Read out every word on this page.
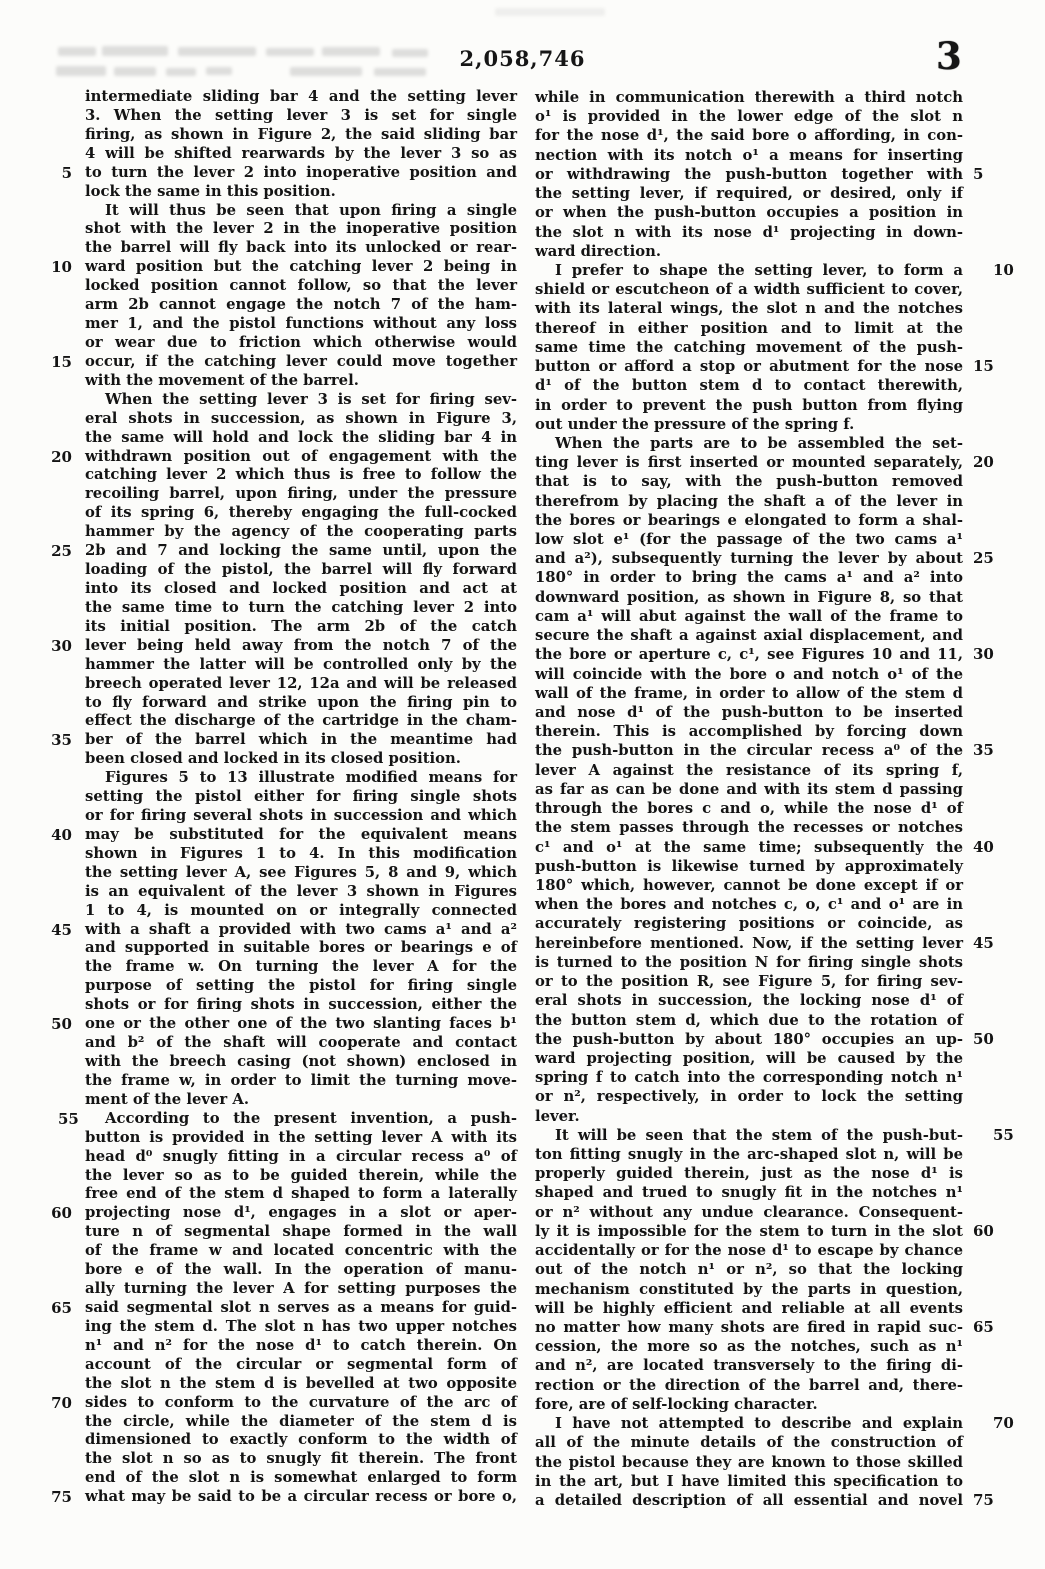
2,058,746	3
intermediate sliding bar 4 and the setting lever
3. When the setting lever 3 is set for single
firing, as shown in Figure 2, the said sliding bar
4 will be shifted rearwards by the lever 3 so as
to turn the lever 2 into inoperative position and
5
lock the same in this position.
It will thus be seen that upon firing a single
shot with the lever 2 in the inoperative position
the barrel will fly back into its unlocked or rear-
ward position but the catching lever 2 being in
10
locked position cannot follow, so that the lever
arm 2b cannot engage the notch 7 of the ham-
mer 1, and the pistol functions without any loss
or wear due to friction which otherwise would
occur, if the catching lever could move together
15
with the movement of the barrel.
When the setting lever 3 is set for firing sev-
eral shots in succession, as shown in Figure 3,
the same will hold and lock the sliding bar 4 in
withdrawn position out of engagement with the
20
catching lever 2 which thus is free to follow the
recoiling barrel, upon firing, under the pressure
of its spring 6, thereby engaging the full-cocked
hammer by the agency of the cooperating parts
2b and 7 and locking the same until, upon the
25
loading of the pistol, the barrel will fly forward
into its closed and locked position and act at
the same time to turn the catching lever 2 into
its initial position. The arm 2b of the catch
lever being held away from the notch 7 of the
30
hammer the latter will be controlled only by the
breech operated lever 12, 12a and will be released
to fly forward and strike upon the firing pin to
effect the discharge of the cartridge in the cham-
ber of the barrel which in the meantime had
35
been closed and locked in its closed position.
Figures 5 to 13 illustrate modified means for
setting the pistol either for firing single shots
or for firing several shots in succession and which
may be substituted for the equivalent means
40
shown in Figures 1 to 4. In this modification
the setting lever A, see Figures 5, 8 and 9, which
is an equivalent of the lever 3 shown in Figures
1 to 4, is mounted on or integrally connected
with a shaft a provided with two cams a¹ and a²
45
and supported in suitable bores or bearings e of
the frame w. On turning the lever A for the
purpose of setting the pistol for firing single
shots or for firing shots in succession, either the
one or the other one of the two slanting faces b¹
50
and b² of the shaft will cooperate and contact
with the breech casing (not shown) enclosed in
the frame w, in order to limit the turning move-
ment of the lever A.
According to the present invention, a push-
55
button is provided in the setting lever A with its
head d⁰ snugly fitting in a circular recess a⁰ of
the lever so as to be guided therein, while the
free end of the stem d shaped to form a laterally
projecting nose d¹, engages in a slot or aper-
60
ture n of segmental shape formed in the wall
of the frame w and located concentric with the
bore e of the wall. In the operation of manu-
ally turning the lever A for setting purposes the
said segmental slot n serves as a means for guid-
65
ing the stem d. The slot n has two upper notches
n¹ and n² for the nose d¹ to catch therein. On
account of the circular or segmental form of
the slot n the stem d is bevelled at two opposite
sides to conform to the curvature of the arc of
70
the circle, while the diameter of the stem d is
dimensioned to exactly conform to the width of
the slot n so as to snugly fit therein. The front
end of the slot n is somewhat enlarged to form
what may be said to be a circular recess or bore o,
75
while in communication therewith a third notch
o¹ is provided in the lower edge of the slot n
for the nose d¹, the said bore o affording, in con-
nection with its notch o¹ a means for inserting
or withdrawing the push-button together with 5
the setting lever, if required, or desired, only if
or when the push-button occupies a position in
the slot n with its nose d¹ projecting in down-
ward direction.
I prefer to shape the setting lever, to form a	10
shield or escutcheon of a width sufficient to cover,
with its lateral wings, the slot n and the notches
thereof in either position and to limit at the
same time the catching movement of the push-
button or afford a stop or abutment for the nose 15
d¹ of the button stem d to contact therewith,
in order to prevent the push button from flying
out under the pressure of the spring f.
When the parts are to be assembled the set-
ting lever is first inserted or mounted separately, 20
that is to say, with the push-button removed
therefrom by placing the shaft a of the lever in
the bores or bearings e elongated to form a shal-
low slot e¹ (for the passage of the two cams a¹
and a²), subsequently turning the lever by about 25
180° in order to bring the cams a¹ and a² into
downward position, as shown in Figure 8, so that
cam a¹ will abut against the wall of the frame to
secure the shaft a against axial displacement, and
the bore or aperture c, c¹, see Figures 10 and 11, 30
will coincide with the bore o and notch o¹ of the
wall of the frame, in order to allow of the stem d
and nose d¹ of the push-button to be inserted
therein. This is accomplished by forcing down
the push-button in the circular recess a⁰ of the 35
lever A against the resistance of its spring f,
as far as can be done and with its stem d passing
through the bores c and o, while the nose d¹ of
the stem passes through the recesses or notches
c¹ and o¹ at the same time; subsequently the 40
push-button is likewise turned by approximately
180° which, however, cannot be done except if or
when the bores and notches c, o, c¹ and o¹ are in
accurately registering positions or coincide, as
hereinbefore mentioned. Now, if the setting lever 45
is turned to the position N for firing single shots
or to the position R, see Figure 5, for firing sev-
eral shots in succession, the locking nose d¹ of
the button stem d, which due to the rotation of
the push-button by about 180° occupies an up- 50
ward projecting position, will be caused by the
spring f to catch into the corresponding notch n¹
or n², respectively, in order to lock the setting
lever.
It will be seen that the stem of the push-but-	55
ton fitting snugly in the arc-shaped slot n, will be
properly guided therein, just as the nose d¹ is
shaped and trued to snugly fit in the notches n¹
or n² without any undue clearance. Consequent-
ly it is impossible for the stem to turn in the slot 60
accidentally or for the nose d¹ to escape by chance
out of the notch n¹ or n², so that the locking
mechanism constituted by the parts in question,
will be highly efficient and reliable at all events
no matter how many shots are fired in rapid suc- 65
cession, the more so as the notches, such as n¹
and n², are located transversely to the firing di-
rection or the direction of the barrel and, there-
fore, are of self-locking character.
I have not attempted to describe and explain	70
all of the minute details of the construction of
the pistol because they are known to those skilled
in the art, but I have limited this specification to
a detailed description of all essential and novel 75
